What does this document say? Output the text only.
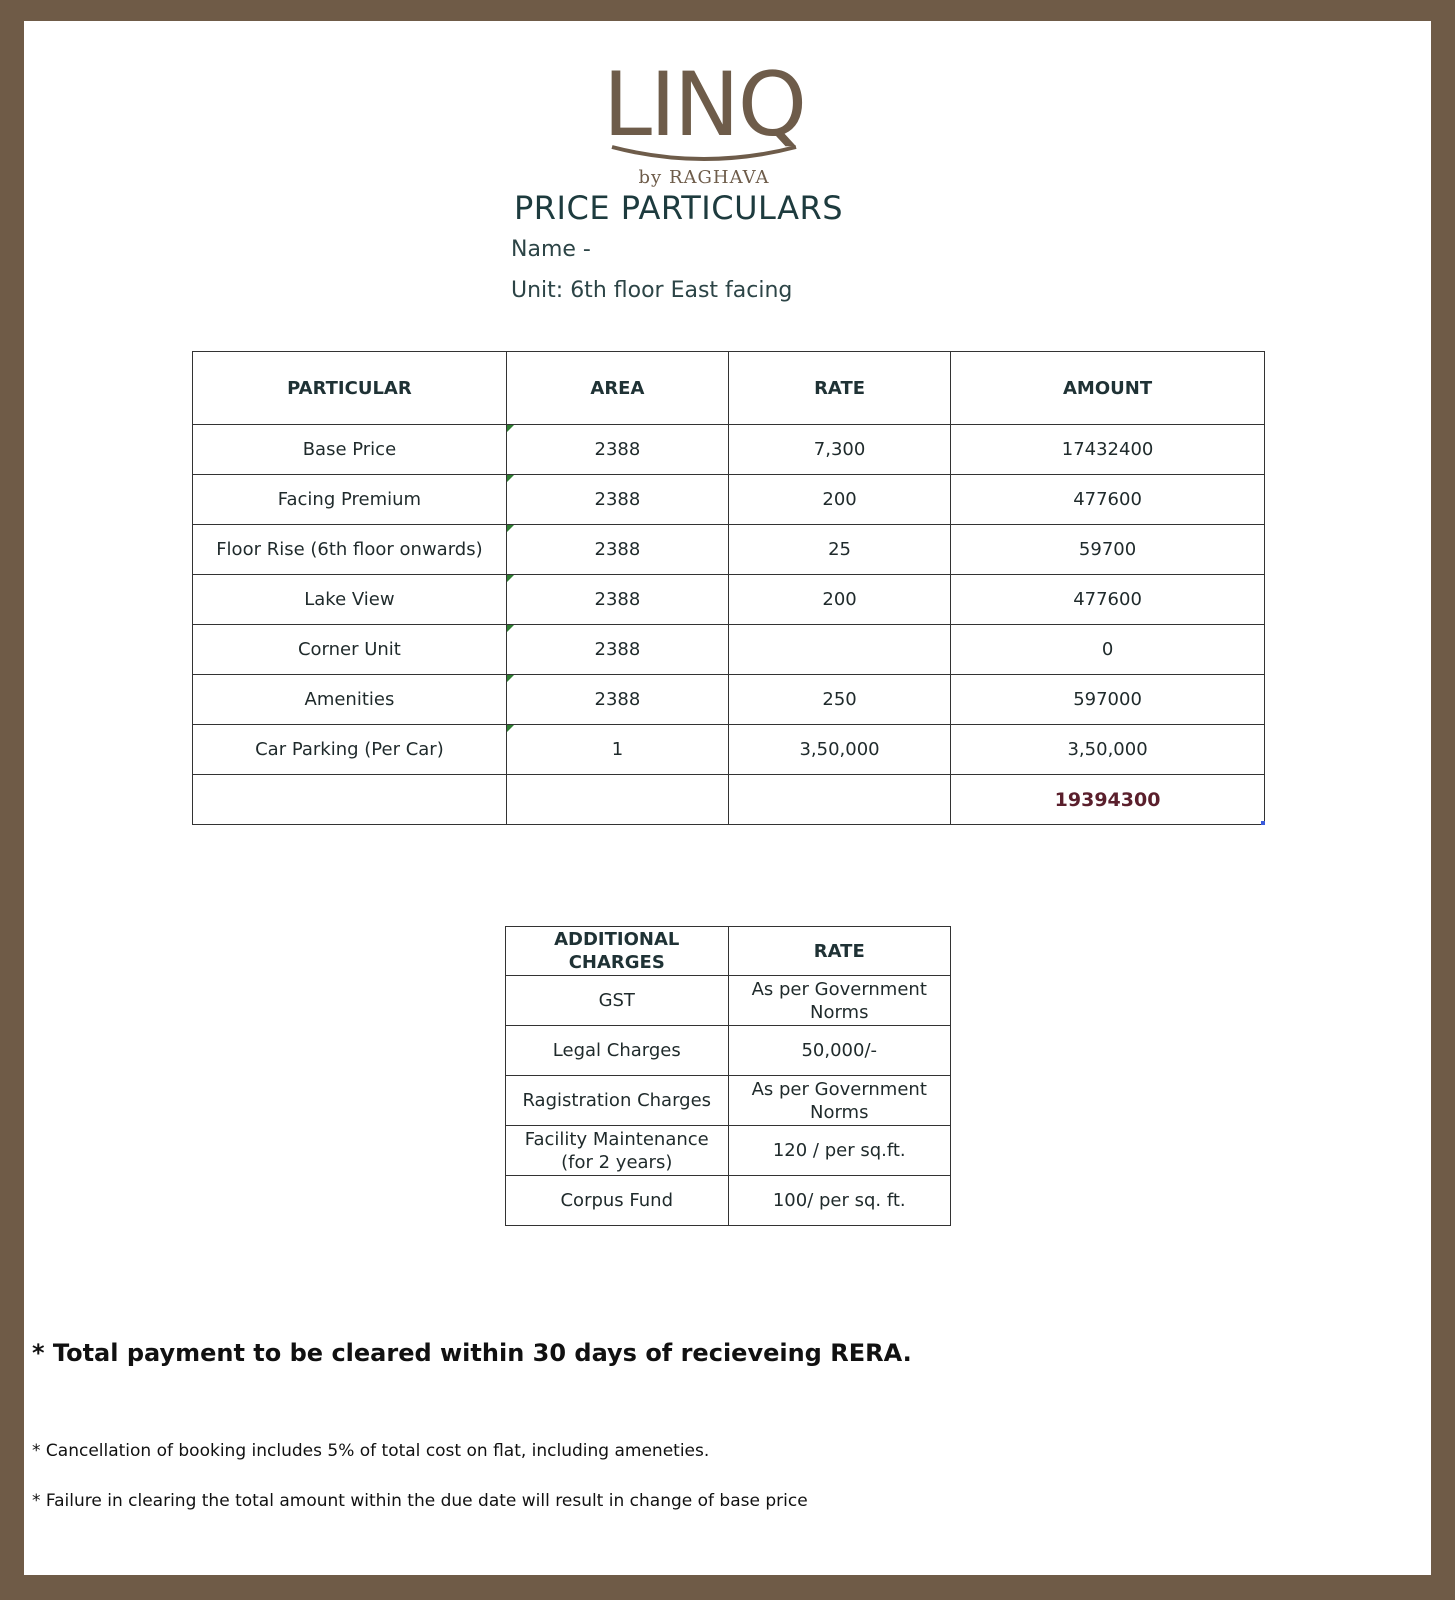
LINQ
by RAGHAVA
PRICE PARTICULARS
Name -
Unit: 6th floor East facing
PARTICULAR	AREA	RATE	AMOUNT
Base Price	2388	7,300	17432400
Facing Premium	2388	200	477600
Floor Rise (6th floor onwards)	2388	25	59700
Lake View	2388	200	477600
Corner Unit	2388		0
Amenities	2388	250	597000
Car Parking (Per Car)	1	3,50,000	3,50,000
			19394300
ADDITIONAL CHARGES	RATE
GST	As per Government Norms
Legal Charges	50,000/-
Ragistration Charges	As per Government Norms
Facility Maintenance (for 2 years)	120 / per sq.ft.
Corpus Fund	100/ per sq. ft.
* Total payment to be cleared within 30 days of recieveing RERA.
* Cancellation of booking includes 5% of total cost on flat, including ameneties.
* Failure in clearing the total amount within the due date will result in change of base price
